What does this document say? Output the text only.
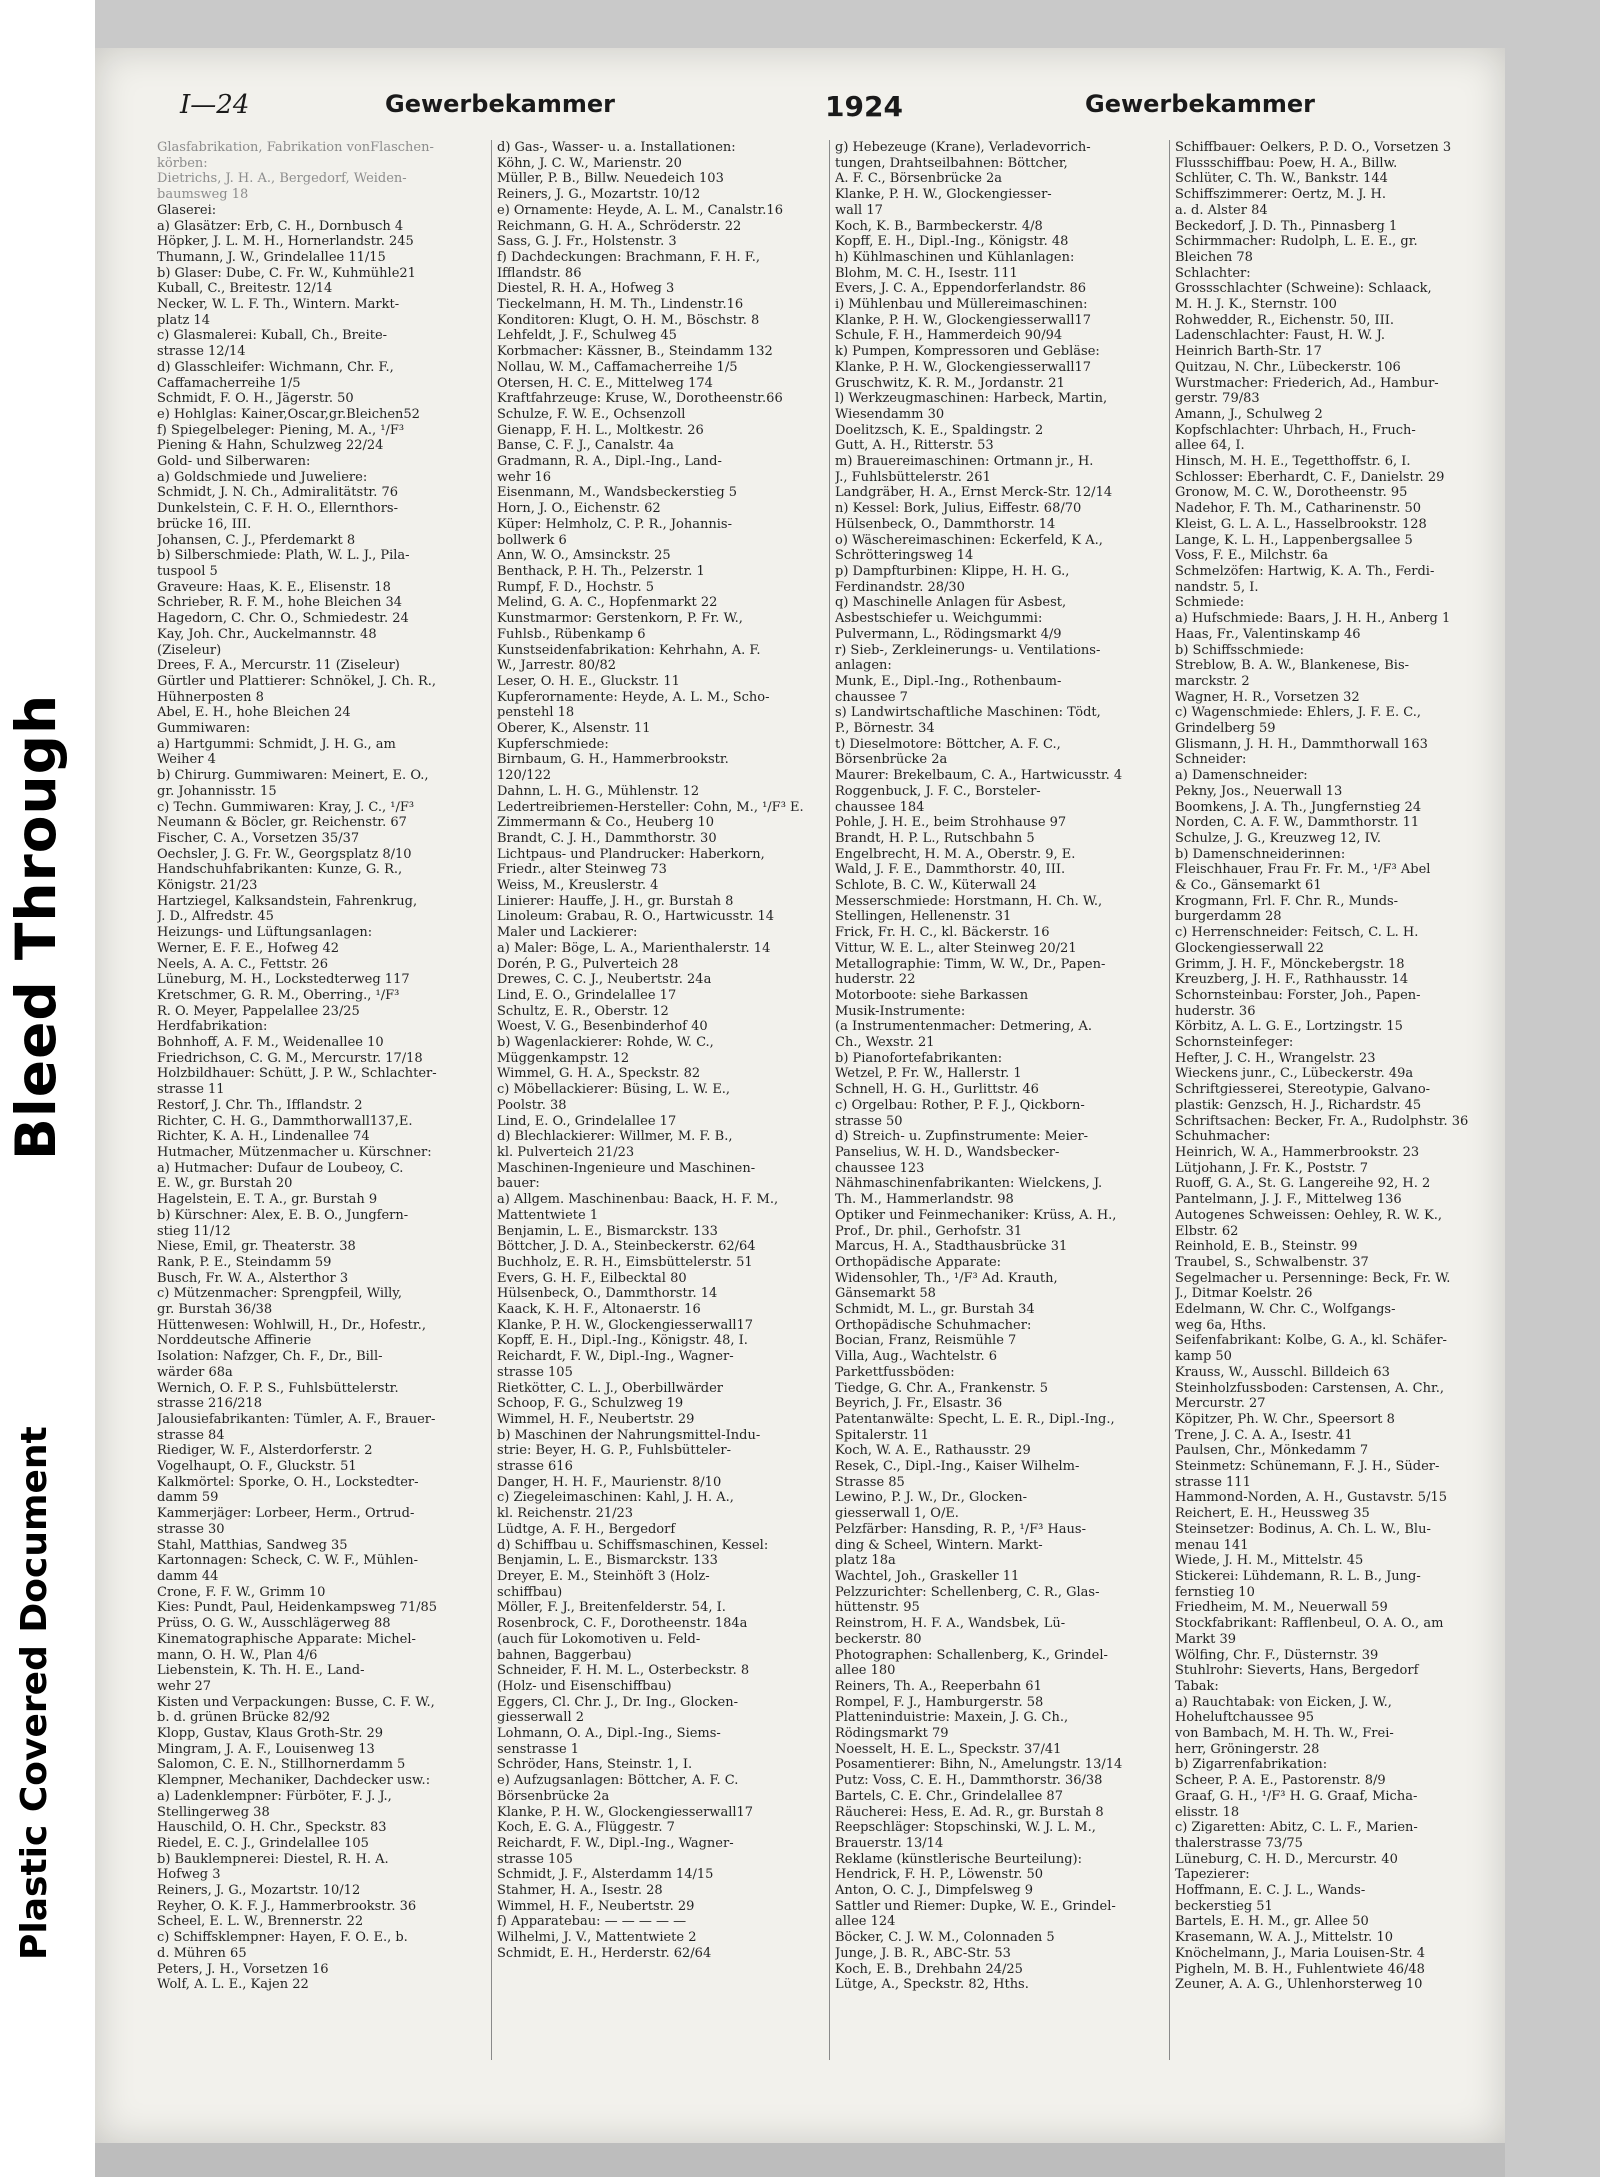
Bleed Through
Plastic Covered Document
I—24	Gewerbekammer	1924	Gewerbekammer
Glasfabrikation, Fabrikation vonFlaschen-
körben:
Dietrichs, J. H. A., Bergedorf, Weiden-
baumsweg 18
Glaserei:
a) Glasätzer: Erb, C. H., Dornbusch 4
Höpker, J. L. M. H., Hornerlandstr. 245
Thumann, J. W., Grindelallee 11/15
b) Glaser: Dube, C. Fr. W., Kuhmühle21
Kuball, C., Breitestr. 12/14
Necker, W. L. F. Th., Wintern. Markt-
platz 14
c) Glasmalerei: Kuball, Ch., Breite-
strasse 12/14
d) Glasschleifer: Wichmann, Chr. F.,
Caffamacherreihe 1/5
Schmidt, F. O. H., Jägerstr. 50
e) Hohlglas: Kainer,Oscar,gr.Bleichen52
f) Spiegelbeleger: Piening, M. A., ¹/F³
Piening & Hahn, Schulzweg 22/24
Gold- und Silberwaren:
a) Goldschmiede und Juweliere:
Schmidt, J. N. Ch., Admiralitätstr. 76
Dunkelstein, C. F. H. O., Ellernthors-
brücke 16, III.
Johansen, C. J., Pferdemarkt 8
b) Silberschmiede: Plath, W. L. J., Pila-
tuspool 5
Graveure: Haas, K. E., Elisenstr. 18
Schrieber, R. F. M., hohe Bleichen 34
Hagedorn, C. Chr. O., Schmiedestr. 24
Kay, Joh. Chr., Auckelmannstr. 48
(Ziseleur)
Drees, F. A., Mercurstr. 11 (Ziseleur)
Gürtler und Plattierer: Schnökel, J. Ch. R.,
Hühnerposten 8
Abel, E. H., hohe Bleichen 24
Gummiwaren:
a) Hartgummi: Schmidt, J. H. G., am
Weiher 4
b) Chirurg. Gummiwaren: Meinert, E. O.,
gr. Johannisstr. 15
c) Techn. Gummiwaren: Kray, J. C., ¹/F³
Neumann & Böcler, gr. Reichenstr. 67
Fischer, C. A., Vorsetzen 35/37
Oechsler, J. G. Fr. W., Georgsplatz 8/10
Handschuhfabrikanten: Kunze, G. R.,
Königstr. 21/23
Hartziegel, Kalksandstein, Fahrenkrug,
J. D., Alfredstr. 45
Heizungs- und Lüftungsanlagen:
Werner, E. F. E., Hofweg 42
Neels, A. A. C., Fettstr. 26
Lüneburg, M. H., Lockstedterweg 117
Kretschmer, G. R. M., Oberring., ¹/F³
R. O. Meyer, Pappelallee 23/25
Herdfabrikation:
Bohnhoff, A. F. M., Weidenallee 10
Friedrichson, C. G. M., Mercurstr. 17/18
Holzbildhauer: Schütt, J. P. W., Schlachter-
strasse 11
Restorf, J. Chr. Th., Ifflandstr. 2
Richter, C. H. G., Dammthorwall137,E.
Richter, K. A. H., Lindenallee 74
Hutmacher, Mützenmacher u. Kürschner:
a) Hutmacher: Dufaur de Loubeoy, C.
E. W., gr. Burstah 20
Hagelstein, E. T. A., gr. Burstah 9
b) Kürschner: Alex, E. B. O., Jungfern-
stieg 11/12
Niese, Emil, gr. Theaterstr. 38
Rank, P. E., Steindamm 59
Busch, Fr. W. A., Alsterthor 3
c) Mützenmacher: Sprengpfeil, Willy,
gr. Burstah 36/38
Hüttenwesen: Wohlwill, H., Dr., Hofestr.,
Norddeutsche Affinerie
Isolation: Nafzger, Ch. F., Dr., Bill-
wärder 68a
Wernich, O. F. P. S., Fuhlsbüttelerstr.
strasse 216/218
Jalousiefabrikanten: Tümler, A. F., Brauer-
strasse 84
Riediger, W. F., Alsterdorferstr. 2
Vogelhaupt, O. F., Gluckstr. 51
Kalkmörtel: Sporke, O. H., Lockstedter-
damm 59
Kammerjäger: Lorbeer, Herm., Ortrud-
strasse 30
Stahl, Matthias, Sandweg 35
Kartonnagen: Scheck, C. W. F., Mühlen-
damm 44
Crone, F. F. W., Grimm 10
Kies: Pundt, Paul, Heidenkampsweg 71/85
Prüss, O. G. W., Ausschlägerweg 88
Kinematographische Apparate: Michel-
mann, O. H. W., Plan 4/6
Liebenstein, K. Th. H. E., Land-
wehr 27
Kisten und Verpackungen: Busse, C. F. W.,
b. d. grünen Brücke 82/92
Klopp, Gustav, Klaus Groth-Str. 29
Mingram, J. A. F., Louisenweg 13
Salomon, C. E. N., Stillhornerdamm 5
Klempner, Mechaniker, Dachdecker usw.:
a) Ladenklempner: Fürböter, F. J. J.,
Stellingerweg 38
Hauschild, O. H. Chr., Speckstr. 83
Riedel, E. C. J., Grindelallee 105
b) Bauklempnerei: Diestel, R. H. A.
Hofweg 3
Reiners, J. G., Mozartstr. 10/12
Reyher, O. K. F. J., Hammerbrookstr. 36
Scheel, E. L. W., Brennerstr. 22
c) Schiffsklempner: Hayen, F. O. E., b.
d. Mühren 65
Peters, J. H., Vorsetzen 16
Wolf, A. L. E., Kajen 22
d) Gas-, Wasser- u. a. Installationen:
Köhn, J. C. W., Marienstr. 20
Müller, P. B., Billw. Neuedeich 103
Reiners, J. G., Mozartstr. 10/12
e) Ornamente: Heyde, A. L. M., Canalstr.16
Reichmann, G. H. A., Schröderstr. 22
Sass, G. J. Fr., Holstenstr. 3
f) Dachdeckungen: Brachmann, F. H. F.,
Ifflandstr. 86
Diestel, R. H. A., Hofweg 3
Tieckelmann, H. M. Th., Lindenstr.16
Konditoren: Klugt, O. H. M., Böschstr. 8
Lehfeldt, J. F., Schulweg 45
Korbmacher: Kässner, B., Steindamm 132
Nollau, W. M., Caffamacherreihe 1/5
Otersen, H. C. E., Mittelweg 174
Kraftfahrzeuge: Kruse, W., Dorotheenstr.66
Schulze, F. W. E., Ochsenzoll
Gienapp, F. H. L., Moltkestr. 26
Banse, C. F. J., Canalstr. 4a
Gradmann, R. A., Dipl.-Ing., Land-
wehr 16
Eisenmann, M., Wandsbeckerstieg 5
Horn, J. O., Eichenstr. 62
Küper: Helmholz, C. P. R., Johannis-
bollwerk 6
Ann, W. O., Amsinckstr. 25
Benthack, P. H. Th., Pelzerstr. 1
Rumpf, F. D., Hochstr. 5
Melind, G. A. C., Hopfenmarkt 22
Kunstmarmor: Gerstenkorn, P. Fr. W.,
Fuhlsb., Rübenkamp 6
Kunstseidenfabrikation: Kehrhahn, A. F.
W., Jarrestr. 80/82
Leser, O. H. E., Gluckstr. 11
Kupferornamente: Heyde, A. L. M., Scho-
penstehl 18
Oberer, K., Alsenstr. 11
Kupferschmiede:
Birnbaum, G. H., Hammerbrookstr.
120/122
Dahnn, L. H. G., Mühlenstr. 12
Ledertreibriemen-Hersteller: Cohn, M., ¹/F³ E.
Zimmermann & Co., Heuberg 10
Brandt, C. J. H., Dammthorstr. 30
Lichtpaus- und Plandrucker: Haberkorn,
Friedr., alter Steinweg 73
Weiss, M., Kreuslerstr. 4
Linierer: Hauffe, J. H., gr. Burstah 8
Linoleum: Grabau, R. O., Hartwicusstr. 14
Maler und Lackierer:
a) Maler: Böge, L. A., Marienthalerstr. 14
Dorén, P. G., Pulverteich 28
Drewes, C. C. J., Neubertstr. 24a
Lind, E. O., Grindelallee 17
Schultz, E. R., Oberstr. 12
Woest, V. G., Besenbinderhof 40
b) Wagenlackierer: Rohde, W. C.,
Müggenkampstr. 12
Wimmel, G. H. A., Speckstr. 82
c) Möbellackierer: Büsing, L. W. E.,
Poolstr. 38
Lind, E. O., Grindelallee 17
d) Blechlackierer: Willmer, M. F. B.,
kl. Pulverteich 21/23
Maschinen-Ingenieure und Maschinen-
bauer:
a) Allgem. Maschinenbau: Baack, H. F. M.,
Mattentwiete 1
Benjamin, L. E., Bismarckstr. 133
Böttcher, J. D. A., Steinbeckerstr. 62/64
Buchholz, E. R. H., Eimsbüttelerstr. 51
Evers, G. H. F., Eilbecktal 80
Hülsenbeck, O., Dammthorstr. 14
Kaack, K. H. F., Altonaerstr. 16
Klanke, P. H. W., Glockengiesserwall17
Kopff, E. H., Dipl.-Ing., Königstr. 48, I.
Reichardt, F. W., Dipl.-Ing., Wagner-
strasse 105
Rietkötter, C. L. J., Oberbillwärder
Schoop, F. G., Schulzweg 19
Wimmel, H. F., Neubertstr. 29
b) Maschinen der Nahrungsmittel-Indu-
strie: Beyer, H. G. P., Fuhlsbütteler-
strasse 616
Danger, H. H. F., Maurienstr. 8/10
c) Ziegeleimaschinen: Kahl, J. H. A.,
kl. Reichenstr. 21/23
Lüdtge, A. F. H., Bergedorf
d) Schiffbau u. Schiffsmaschinen, Kessel:
Benjamin, L. E., Bismarckstr. 133
Dreyer, E. M., Steinhöft 3 (Holz-
schiffbau)
Möller, F. J., Breitenfelderstr. 54, I.
Rosenbrock, C. F., Dorotheenstr. 184a
(auch für Lokomotiven u. Feld-
bahnen, Baggerbau)
Schneider, F. H. M. L., Osterbeckstr. 8
(Holz- und Eisenschiffbau)
Eggers, Cl. Chr. J., Dr. Ing., Glocken-
giesserwall 2
Lohmann, O. A., Dipl.-Ing., Siems-
senstrasse 1
Schröder, Hans, Steinstr. 1, I.
e) Aufzugsanlagen: Böttcher, A. F. C.
Börsenbrücke 2a
Klanke, P. H. W., Glockengiesserwall17
Koch, E. G. A., Flüggestr. 7
Reichardt, F. W., Dipl.-Ing., Wagner-
strasse 105
Schmidt, J. F., Alsterdamm 14/15
Stahmer, H. A., Isestr. 28
Wimmel, H. F., Neubertstr. 29
f) Apparatebau: — — — — —
Wilhelmi, J. V., Mattentwiete 2
Schmidt, E. H., Herderstr. 62/64
g) Hebezeuge (Krane), Verladevorrich-
tungen, Drahtseilbahnen: Böttcher,
A. F. C., Börsenbrücke 2a
Klanke, P. H. W., Glockengiesser-
wall 17
Koch, K. B., Barmbeckerstr. 4/8
Kopff, E. H., Dipl.-Ing., Königstr. 48
h) Kühlmaschinen und Kühlanlagen:
Blohm, M. C. H., Isestr. 111
Evers, J. C. A., Eppendorferlandstr. 86
i) Mühlenbau und Müllereimaschinen:
Klanke, P. H. W., Glockengiesserwall17
Schule, F. H., Hammerdeich 90/94
k) Pumpen, Kompressoren und Gebläse:
Klanke, P. H. W., Glockengiesserwall17
Gruschwitz, K. R. M., Jordanstr. 21
l) Werkzeugmaschinen: Harbeck, Martin,
Wiesendamm 30
Doelitzsch, K. E., Spaldingstr. 2
Gutt, A. H., Ritterstr. 53
m) Brauereimaschinen: Ortmann jr., H.
J., Fuhlsbüttelerstr. 261
Landgräber, H. A., Ernst Merck-Str. 12/14
n) Kessel: Bork, Julius, Eiffestr. 68/70
Hülsenbeck, O., Dammthorstr. 14
o) Wäschereimaschinen: Eckerfeld, K A.,
Schrötteringsweg 14
p) Dampfturbinen: Klippe, H. H. G.,
Ferdinandstr. 28/30
q) Maschinelle Anlagen für Asbest,
Asbestschiefer u. Weichgummi:
Pulvermann, L., Rödingsmarkt 4/9
r) Sieb-, Zerkleinerungs- u. Ventilations-
anlagen:
Munk, E., Dipl.-Ing., Rothenbaum-
chaussee 7
s) Landwirtschaftliche Maschinen: Tödt,
P., Börnestr. 34
t) Dieselmotore: Böttcher, A. F. C.,
Börsenbrücke 2a
Maurer: Brekelbaum, C. A., Hartwicusstr. 4
Roggenbuck, J. F. C., Borsteler-
chaussee 184
Pohle, J. H. E., beim Strohhause 97
Brandt, H. P. L., Rutschbahn 5
Engelbrecht, H. M. A., Oberstr. 9, E.
Wald, J. F. E., Dammthorstr. 40, III.
Schlote, B. C. W., Küterwall 24
Messerschmiede: Horstmann, H. Ch. W.,
Stellingen, Hellenenstr. 31
Frick, Fr. H. C., kl. Bäckerstr. 16
Vittur, W. E. L., alter Steinweg 20/21
Metallographie: Timm, W. W., Dr., Papen-
huderstr. 22
Motorboote: siehe Barkassen
Musik-Instrumente:
(a Instrumentenmacher: Detmering, A.
Ch., Wexstr. 21
b) Pianofortefabrikanten:
Wetzel, P. Fr. W., Hallerstr. 1
Schnell, H. G. H., Gurlittstr. 46
c) Orgelbau: Rother, P. F. J., Qickborn-
strasse 50
d) Streich- u. Zupfinstrumente: Meier-
Panselius, W. H. D., Wandsbecker-
chaussee 123
Nähmaschinenfabrikanten: Wielckens, J.
Th. M., Hammerlandstr. 98
Optiker und Feinmechaniker: Krüss, A. H.,
Prof., Dr. phil., Gerhofstr. 31
Marcus, H. A., Stadthausbrücke 31
Orthopädische Apparate:
Widensohler, Th., ¹/F³ Ad. Krauth,
Gänsemarkt 58
Schmidt, M. L., gr. Burstah 34
Orthopädische Schuhmacher:
Bocian, Franz, Reismühle 7
Villa, Aug., Wachtelstr. 6
Parkettfussböden:
Tiedge, G. Chr. A., Frankenstr. 5
Beyrich, J. Fr., Elsastr. 36
Patentanwälte: Specht, L. E. R., Dipl.-Ing.,
Spitalerstr. 11
Koch, W. A. E., Rathausstr. 29
Resek, C., Dipl.-Ing., Kaiser Wilhelm-
Strasse 85
Lewino, P. J. W., Dr., Glocken-
giesserwall 1, O/E.
Pelzfärber: Hansding, R. P., ¹/F³ Haus-
ding & Scheel, Wintern. Markt-
platz 18a
Wachtel, Joh., Graskeller 11
Pelzzurichter: Schellenberg, C. R., Glas-
hüttenstr. 95
Reinstrom, H. F. A., Wandsbek, Lü-
beckerstr. 80
Photographen: Schallenberg, K., Grindel-
allee 180
Reiners, Th. A., Reeperbahn 61
Rompel, F. J., Hamburgerstr. 58
Platteninduistrie: Maxein, J. G. Ch.,
Rödingsmarkt 79
Noesselt, H. E. L., Speckstr. 37/41
Posamentierer: Bihn, N., Amelungstr. 13/14
Putz: Voss, C. E. H., Dammthorstr. 36/38
Bartels, C. E. Chr., Grindelallee 87
Räucherei: Hess, E. Ad. R., gr. Burstah 8
Reepschläger: Stopschinski, W. J. L. M.,
Brauerstr. 13/14
Reklame (künstlerische Beurteilung):
Hendrick, F. H. P., Löwenstr. 50
Anton, O. C. J., Dimpfelsweg 9
Sattler und Riemer: Dupke, W. E., Grindel-
allee 124
Böcker, C. J. W. M., Colonnaden 5
Junge, J. B. R., ABC-Str. 53
Koch, E. B., Drehbahn 24/25
Lütge, A., Speckstr. 82, Hths.
Schiffbauer: Oelkers, P. D. O., Vorsetzen 3
Flussschiffbau: Poew, H. A., Billw.
Schlüter, C. Th. W., Bankstr. 144
Schiffszimmerer: Oertz, M. J. H.
a. d. Alster 84
Beckedorf, J. D. Th., Pinnasberg 1
Schirmmacher: Rudolph, L. E. E., gr.
Bleichen 78
Schlachter:
Grossschlachter (Schweine): Schlaack,
M. H. J. K., Sternstr. 100
Rohwedder, R., Eichenstr. 50, III.
Ladenschlachter: Faust, H. W. J.
Heinrich Barth-Str. 17
Quitzau, N. Chr., Lübeckerstr. 106
Wurstmacher: Friederich, Ad., Hambur-
gerstr. 79/83
Amann, J., Schulweg 2
Kopfschlachter: Uhrbach, H., Fruch-
allee 64, I.
Hinsch, M. H. E., Tegetthoffstr. 6, I.
Schlosser: Eberhardt, C. F., Danielstr. 29
Gronow, M. C. W., Dorotheenstr. 95
Nadehor, F. Th. M., Catharinenstr. 50
Kleist, G. L. A. L., Hasselbrookstr. 128
Lange, K. L. H., Lappenbergsallee 5
Voss, F. E., Milchstr. 6a
Schmelzöfen: Hartwig, K. A. Th., Ferdi-
nandstr. 5, I.
Schmiede:
a) Hufschmiede: Baars, J. H. H., Anberg 1
Haas, Fr., Valentinskamp 46
b) Schiffsschmiede:
Streblow, B. A. W., Blankenese, Bis-
marckstr. 2
Wagner, H. R., Vorsetzen 32
c) Wagenschmiede: Ehlers, J. F. E. C.,
Grindelberg 59
Glismann, J. H. H., Dammthorwall 163
Schneider:
a) Damenschneider:
Pekny, Jos., Neuerwall 13
Boomkens, J. A. Th., Jungfernstieg 24
Norden, C. A. F. W., Dammthorstr. 11
Schulze, J. G., Kreuzweg 12, IV.
b) Damenschneiderinnen:
Fleischhauer, Frau Fr. Fr. M., ¹/F³ Abel
& Co., Gänsemarkt 61
Krogmann, Frl. F. Chr. R., Munds-
burgerdamm 28
c) Herrenschneider: Feitsch, C. L. H.
Glockengiesserwall 22
Grimm, J. H. F., Mönckebergstr. 18
Kreuzberg, J. H. F., Rathhausstr. 14
Schornsteinbau: Forster, Joh., Papen-
huderstr. 36
Körbitz, A. L. G. E., Lortzingstr. 15
Schornsteinfeger:
Hefter, J. C. H., Wrangelstr. 23
Wieckens junr., C., Lübeckerstr. 49a
Schriftgiesserei, Stereotypie, Galvano-
plastik: Genzsch, H. J., Richardstr. 45
Schriftsachen: Becker, Fr. A., Rudolphstr. 36
Schuhmacher:
Heinrich, W. A., Hammerbrookstr. 23
Lütjohann, J. Fr. K., Poststr. 7
Ruoff, G. A., St. G. Langereihe 92, H. 2
Pantelmann, J. J. F., Mittelweg 136
Autogenes Schweissen: Oehley, R. W. K.,
Elbstr. 62
Reinhold, E. B., Steinstr. 99
Traubel, S., Schwalbenstr. 37
Segelmacher u. Persenninge: Beck, Fr. W.
J., Ditmar Koelstr. 26
Edelmann, W. Chr. C., Wolfgangs-
weg 6a, Hths.
Seifenfabrikant: Kolbe, G. A., kl. Schäfer-
kamp 50
Krauss, W., Ausschl. Billdeich 63
Steinholzfussboden: Carstensen, A. Chr.,
Mercurstr. 27
Köpitzer, Ph. W. Chr., Speersort 8
Trene, J. C. A. A., Isestr. 41
Paulsen, Chr., Mönkedamm 7
Steinmetz: Schünemann, F. J. H., Süder-
strasse 111
Hammond-Norden, A. H., Gustavstr. 5/15
Reichert, E. H., Heussweg 35
Steinsetzer: Bodinus, A. Ch. L. W., Blu-
menau 141
Wiede, J. H. M., Mittelstr. 45
Stickerei: Lühdemann, R. L. B., Jung-
fernstieg 10
Friedheim, M. M., Neuerwall 59
Stockfabrikant: Rafflenbeul, O. A. O., am
Markt 39
Wölfing, Chr. F., Düsternstr. 39
Stuhlrohr: Sieverts, Hans, Bergedorf
Tabak:
a) Rauchtabak: von Eicken, J. W.,
Hoheluftchaussee 95
von Bambach, M. H. Th. W., Frei-
herr, Gröningerstr. 28
b) Zigarrenfabrikation:
Scheer, P. A. E., Pastorenstr. 8/9
Graaf, G. H., ¹/F³ H. G. Graaf, Micha-
elisstr. 18
c) Zigaretten: Abitz, C. L. F., Marien-
thalerstrasse 73/75
Lüneburg, C. H. D., Mercurstr. 40
Tapezierer:
Hoffmann, E. C. J. L., Wands-
beckerstieg 51
Bartels, E. H. M., gr. Allee 50
Krasemann, W. A. J., Mittelstr. 10
Knöchelmann, J., Maria Louisen-Str. 4
Pigheln, M. B. H., Fuhlentwiete 46/48
Zeuner, A. A. G., Uhlenhorsterweg 10
